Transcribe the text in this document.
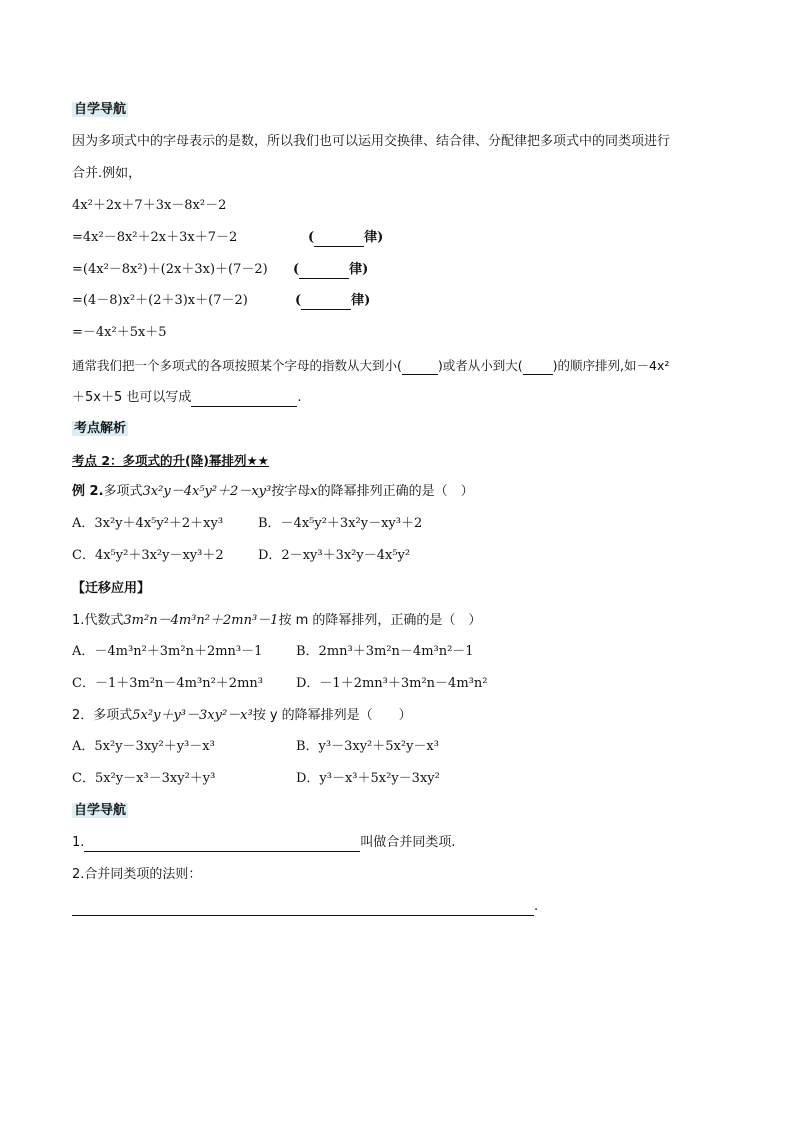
自学导航
因为多项式中的字母表示的是数，所以我们也可以运用交换律、结合律、分配律把多项式中的同类项进行
合并.例如，
4x²＋2x＋7＋3x－8x²－2
=4x²－8x²＋2x＋3x＋7－2	(	律)
=(4x²－8x²)＋(2x＋3x)＋(7－2) (	律)
=(4－8)x²＋(2＋3)x＋(7－2)	(	律)
=－4x²＋5x＋5
通常我们把一个多项式的各项按照某个字母的指数从大到小(	)或者从小到大( )的顺序排列,如－4x²
＋5x＋5 也可以写成	.
考点解析
考点 2：多项式的升(降)幂排列★★
例 2.多项式3x²y－4x⁵y²＋2－xy³按字母x的降幂排列正确的是（　）
A．3x²y＋4x⁵y²＋2＋xy³	B．－4x⁵y²＋3x²y－xy³＋2
C．4x⁵y²＋3x²y－xy³＋2	D．2－xy³＋3x²y－4x⁵y²
【迁移应用】
1.代数式3m²n－4m³n²＋2mn³－1按 m 的降幂排列，正确的是（　）
A．－4m³n²＋3m²n＋2mn³－1	B．2mn³＋3m²n－4m³n²－1
C．－1＋3m²n－4m³n²＋2mn³	D．－1＋2mn³＋3m²n－4m³n²
2．多项式5x²y＋y³－3xy²－x³按 y 的降幂排列是（　　）
A．5x²y－3xy²＋y³－x³	B．y³－3xy²＋5x²y－x³
C．5x²y－x³－3xy²＋y³	D．y³－x³＋5x²y－3xy²
自学导航
1.	叫做合并同类项.
2.合并同类项的法则：
.
